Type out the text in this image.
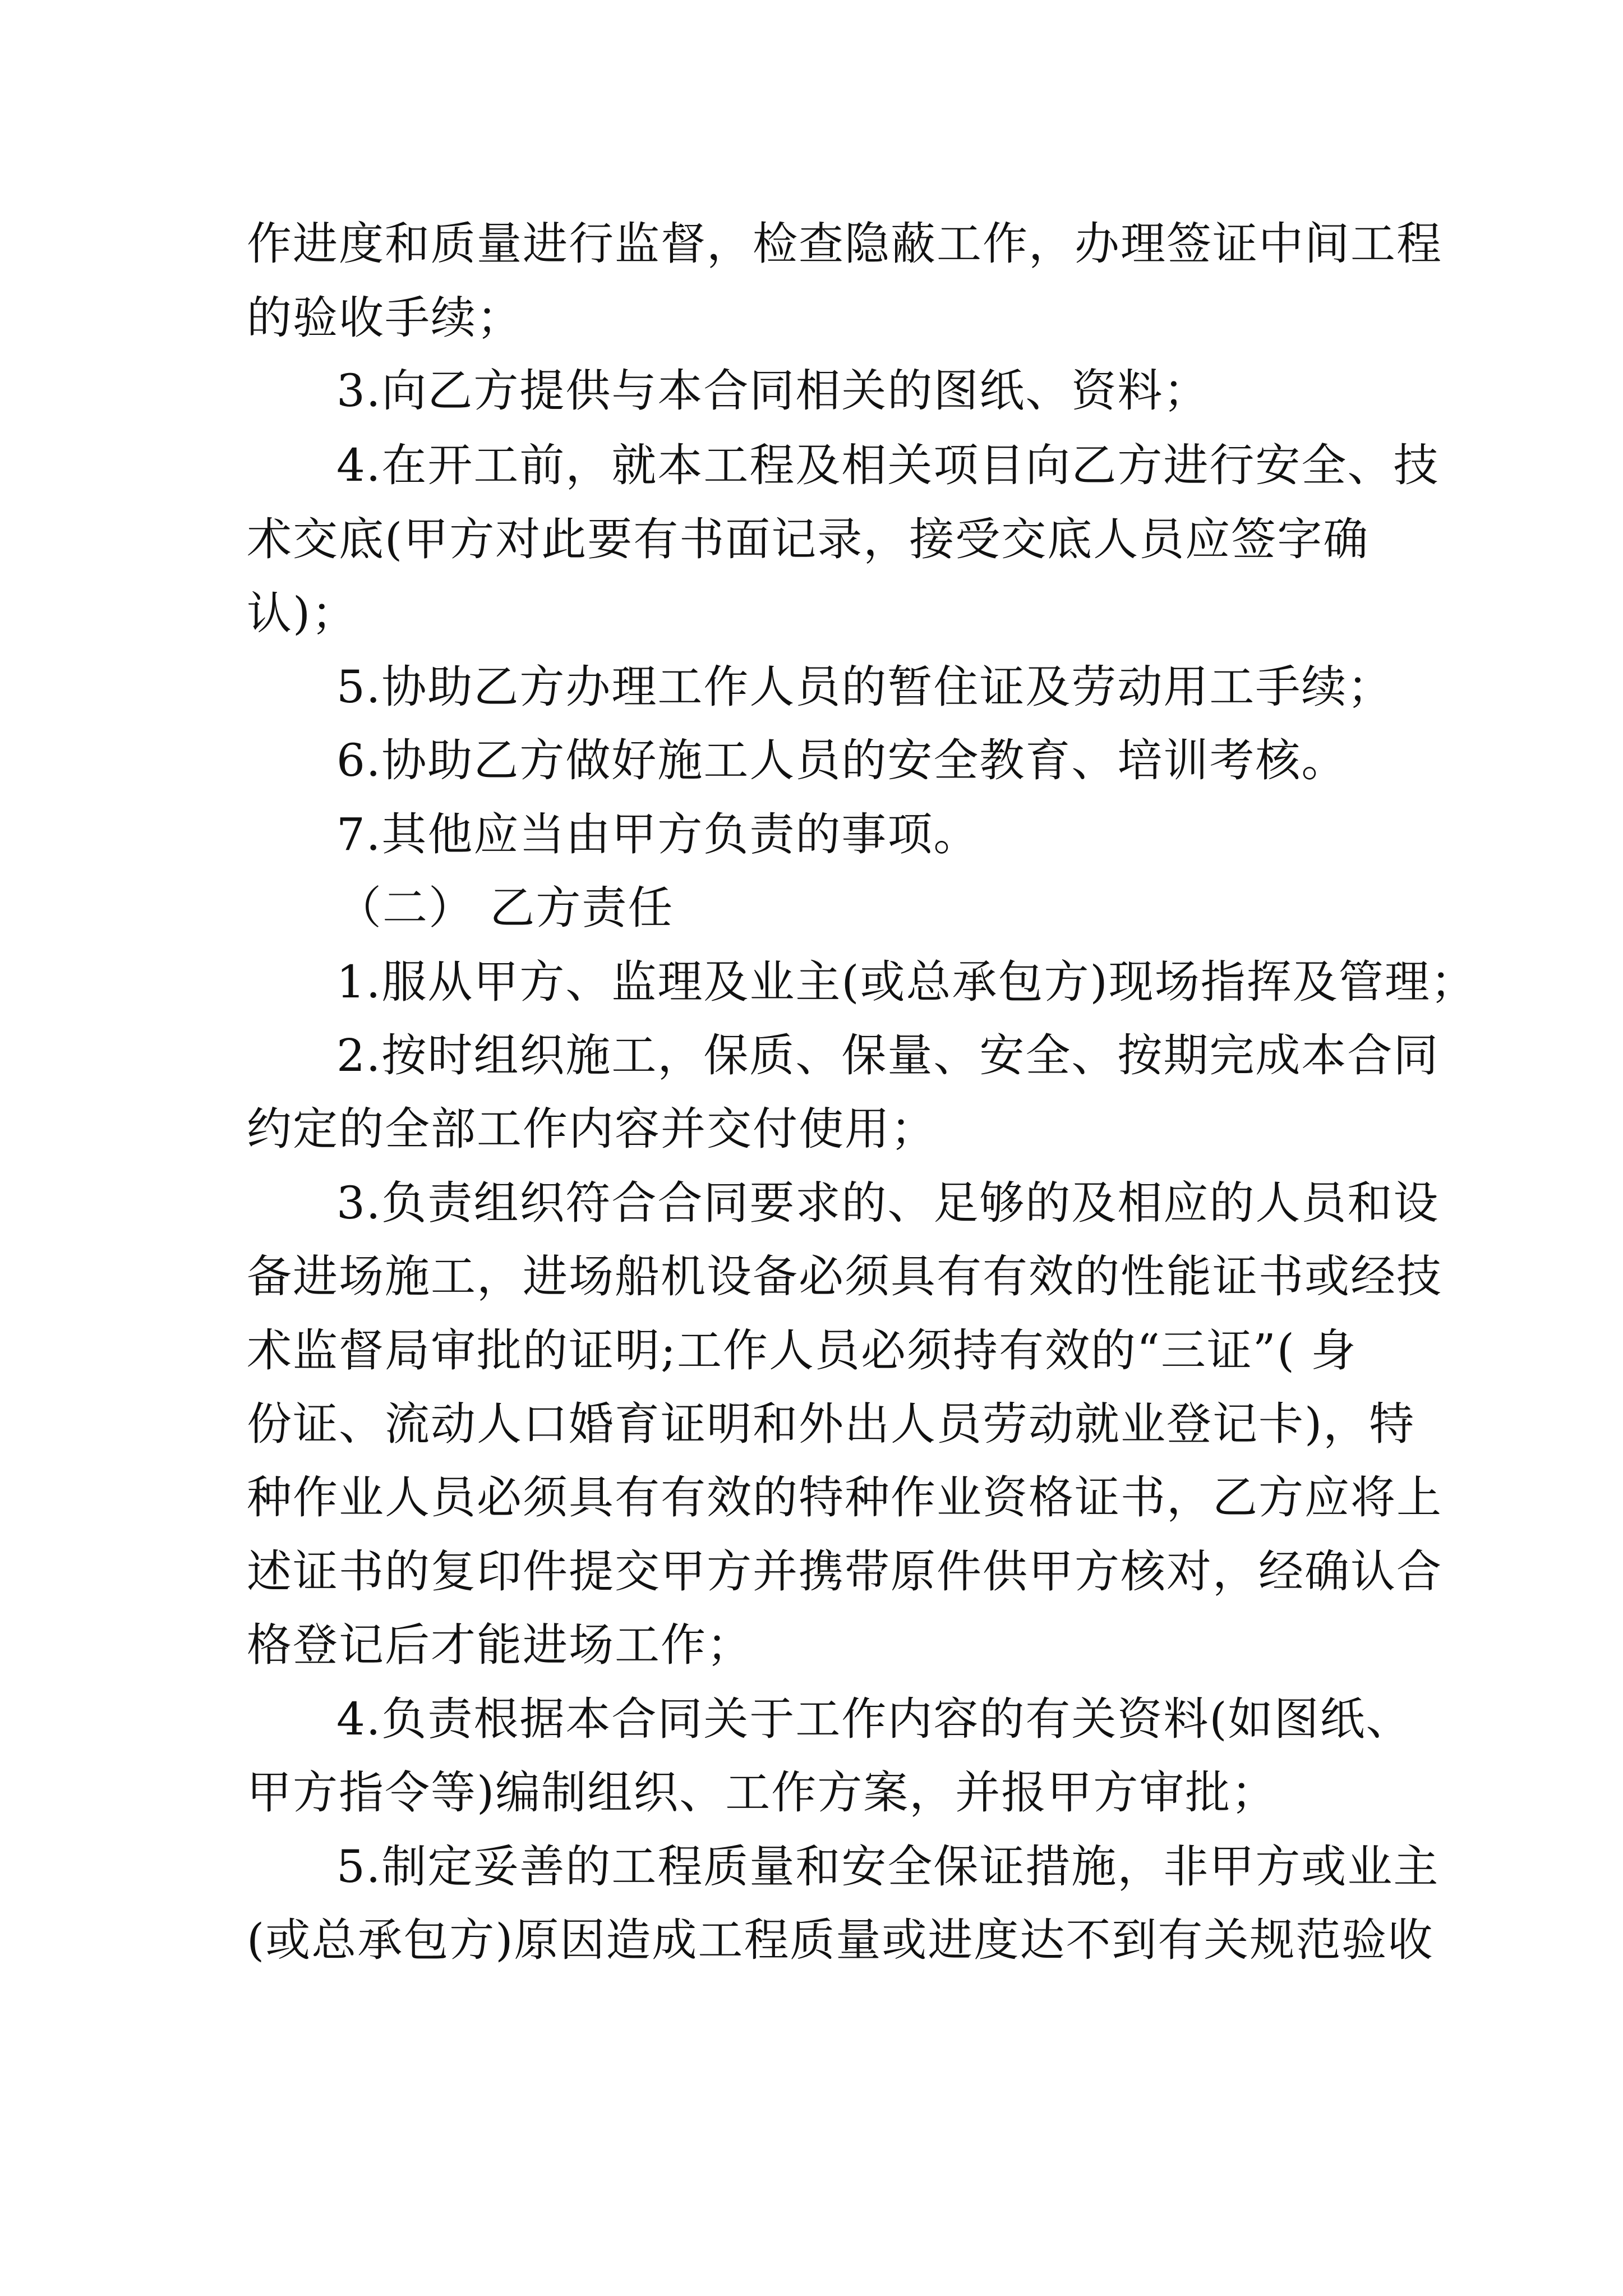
作进度和质量进行监督，检查隐蔽工作，办理签证中间工程

的验收手续；

3.向乙方提供与本合同相关的图纸、资料；

4.在开工前，就本工程及相关项目向乙方进行安全、技

术交底(甲方对此要有书面记录，接受交底人员应签字确

认)；

5.协助乙方办理工作人员的暂住证及劳动用工手续；

6.协助乙方做好施工人员的安全教育、培训考核。

7.其他应当由甲方负责的事项。

（二） 乙方责任

1.服从甲方、监理及业主(或总承包方)现场指挥及管理；

2.按时组织施工，保质、保量、安全、按期完成本合同

约定的全部工作内容并交付使用；

3.负责组织符合合同要求的、足够的及相应的人员和设

备进场施工，进场船机设备必须具有有效的性能证书或经技

术监督局审批的证明;工作人员必须持有效的“三证”( 身

份证、流动人口婚育证明和外出人员劳动就业登记卡)，特

种作业人员必须具有有效的特种作业资格证书，乙方应将上

述证书的复印件提交甲方并携带原件供甲方核对，经确认合

格登记后才能进场工作；

4.负责根据本合同关于工作内容的有关资料(如图纸、

甲方指令等)编制组织、工作方案，并报甲方审批；

5.制定妥善的工程质量和安全保证措施，非甲方或业主

(或总承包方)原因造成工程质量或进度达不到有关规范验收
